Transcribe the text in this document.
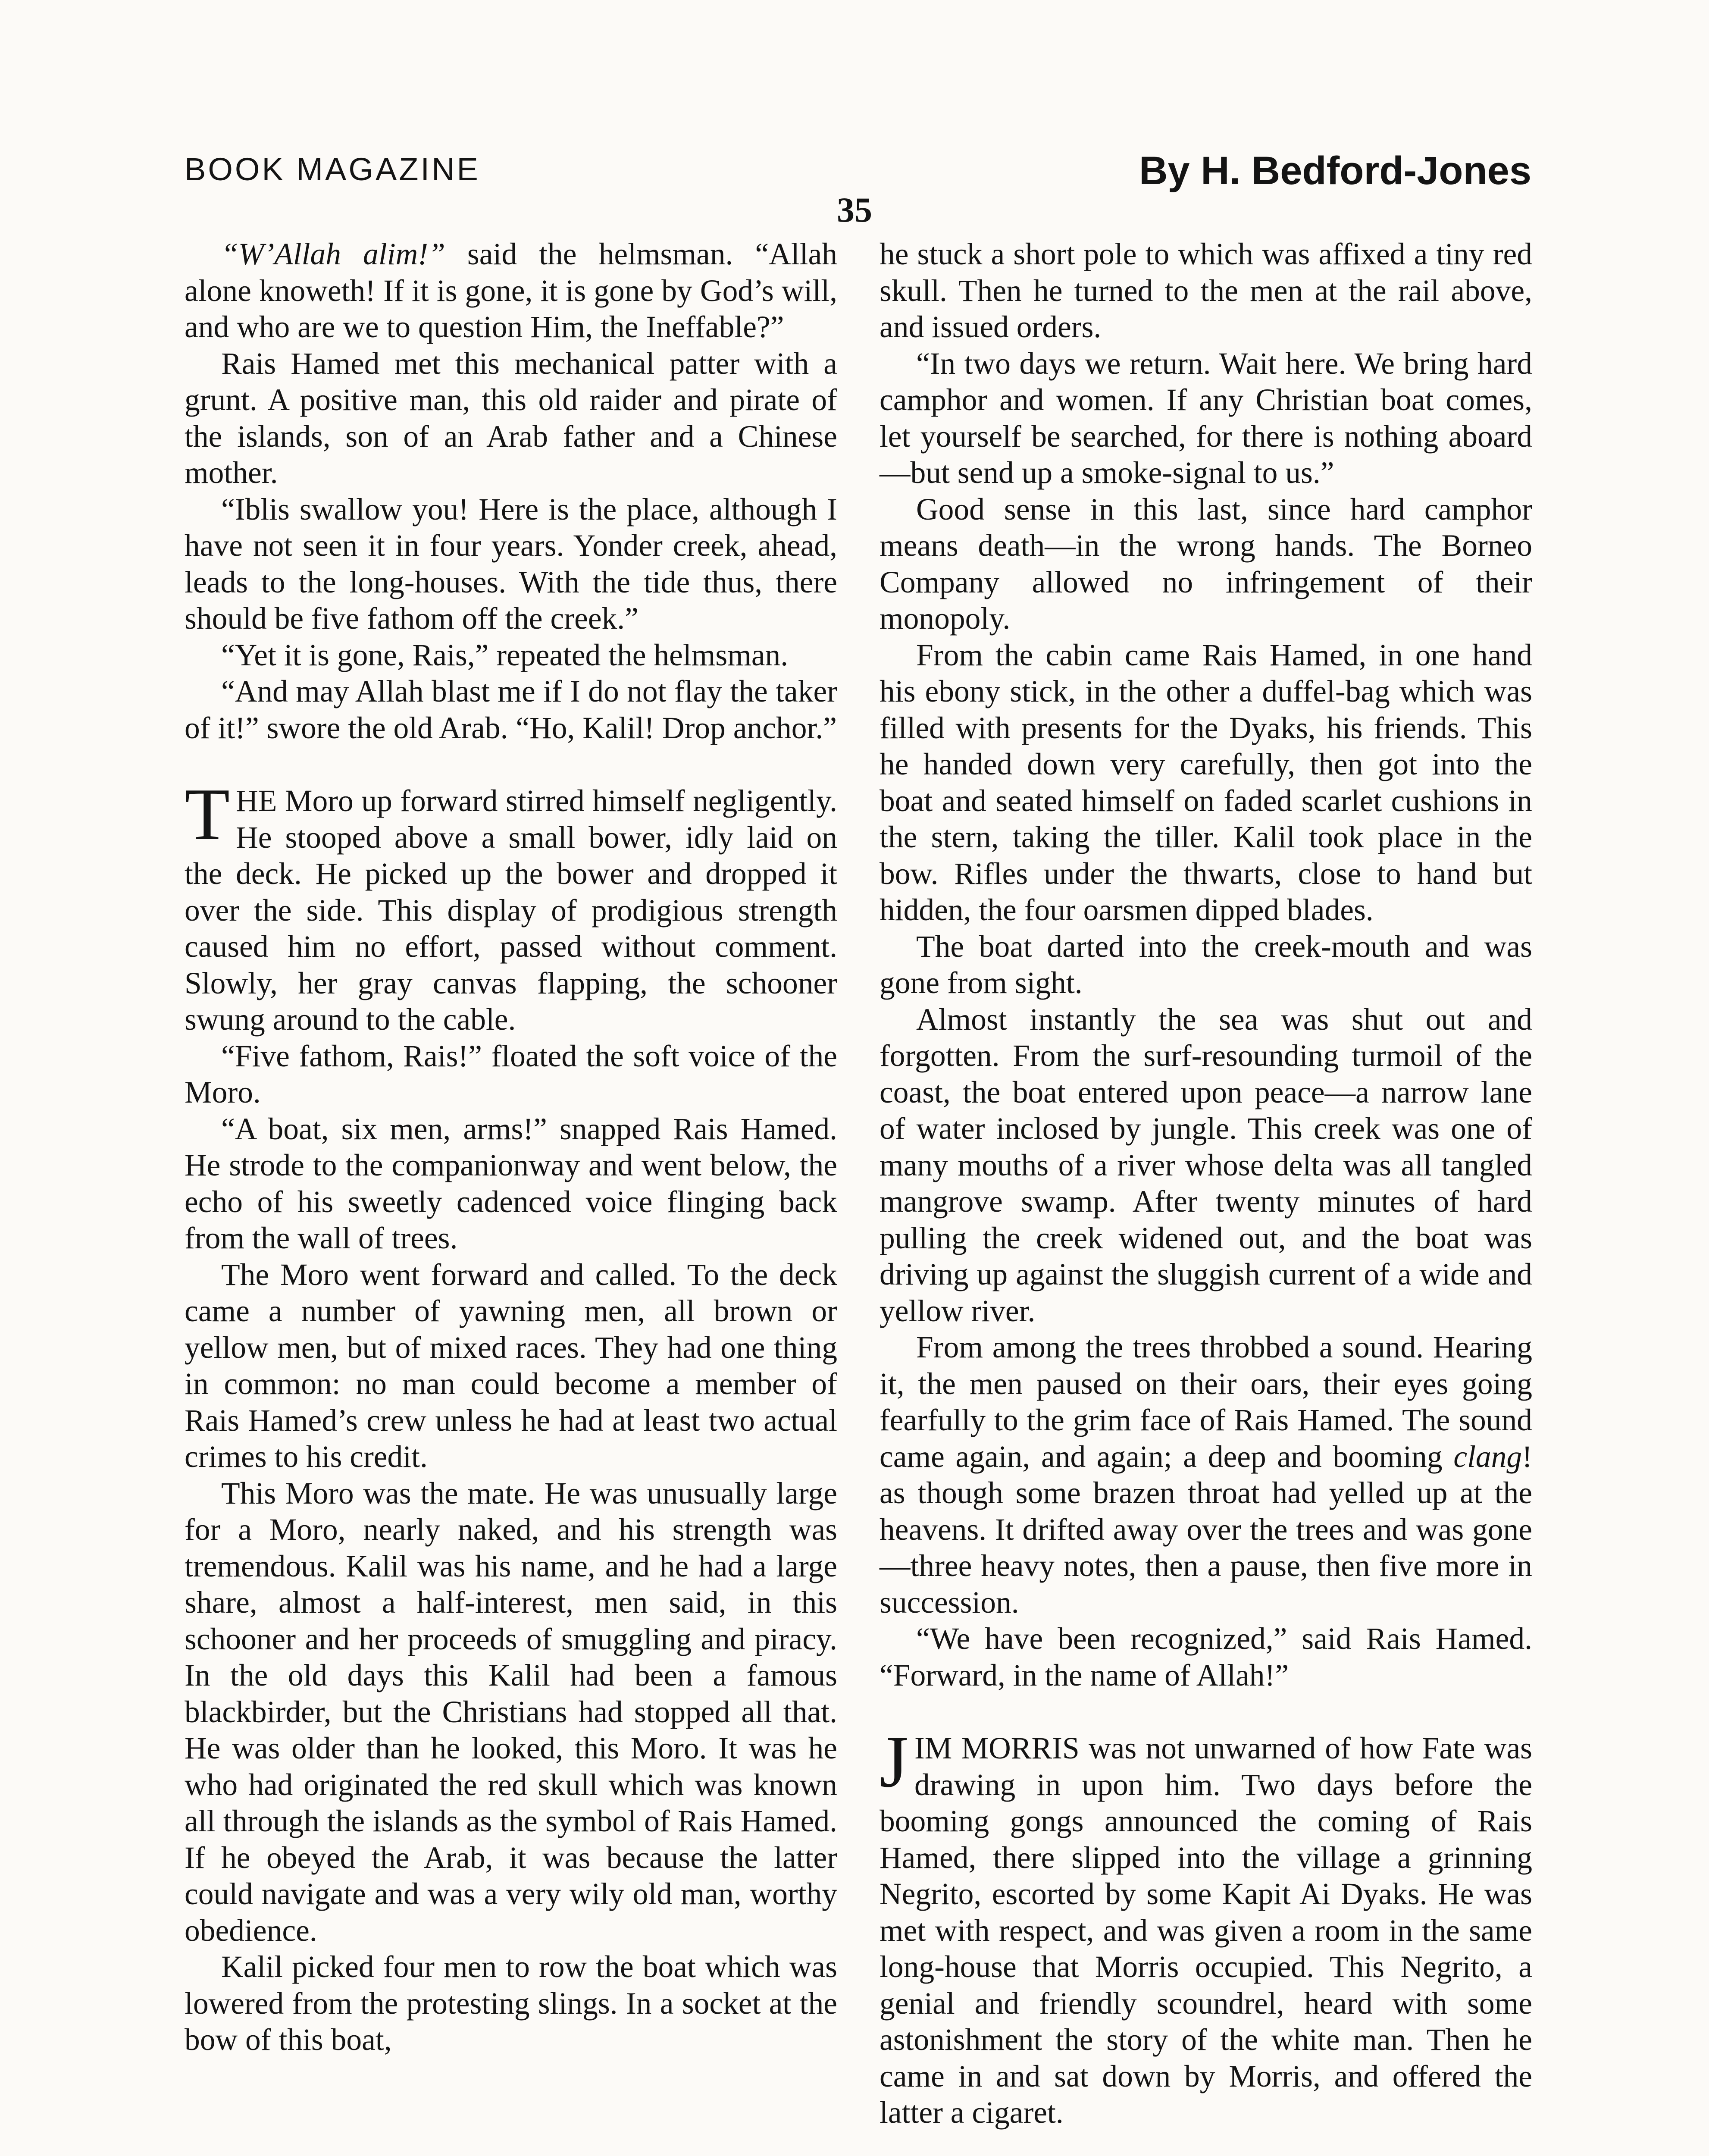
BOOK MAGAZINE	By H. Bedford-Jones
35

“W’Allah alim!” said the helmsman. “Allah alone knoweth! If it is gone, it is gone by God’s will, and who are we to question Him, the Ineffable?”

Rais Hamed met this mechanical patter with a grunt. A positive man, this old raider and pirate of the islands, son of an Arab father and a Chinese mother.

“Iblis swallow you! Here is the place, although I have not seen it in four years. Yonder creek, ahead, leads to the long-houses. With the tide thus, there should be five fathom off the creek.”

“Yet it is gone, Rais,” repeated the helmsman.

“And may Allah blast me if I do not flay the taker of it!” swore the old Arab. “Ho, Kalil! Drop anchor.”

THE Moro up forward stirred himself negligently. He stooped above a small bower, idly laid on the deck. He picked up the bower and dropped it over the side. This display of prodigious strength caused him no effort, passed without comment. Slowly, her gray canvas flapping, the schooner swung around to the cable.

“Five fathom, Rais!” floated the soft voice of the Moro.

“A boat, six men, arms!” snapped Rais Hamed. He strode to the companionway and went below, the echo of his sweetly cadenced voice flinging back from the wall of trees.

The Moro went forward and called. To the deck came a number of yawning men, all brown or yellow men, but of mixed races. They had one thing in common: no man could become a member of Rais Hamed’s crew unless he had at least two actual crimes to his credit.

This Moro was the mate. He was unusually large for a Moro, nearly naked, and his strength was tremendous. Kalil was his name, and he had a large share, almost a half-interest, men said, in this schooner and her proceeds of smuggling and piracy. In the old days this Kalil had been a famous blackbirder, but the Christians had stopped all that. He was older than he looked, this Moro. It was he who had originated the red skull which was known all through the islands as the symbol of Rais Hamed. If he obeyed the Arab, it was because the latter could navigate and was a very wily old man, worthy obedience.

Kalil picked four men to row the boat which was lowered from the protesting slings. In a socket at the bow of this boat,

he stuck a short pole to which was affixed a tiny red skull. Then he turned to the men at the rail above, and issued orders.

“In two days we return. Wait here. We bring hard camphor and women. If any Christian boat comes, let yourself be searched, for there is nothing aboard—but send up a smoke-signal to us.”

Good sense in this last, since hard camphor means death—in the wrong hands. The Borneo Company allowed no infringement of their monopoly.

From the cabin came Rais Hamed, in one hand his ebony stick, in the other a duffel-bag which was filled with presents for the Dyaks, his friends. This he handed down very carefully, then got into the boat and seated himself on faded scarlet cushions in the stern, taking the tiller. Kalil took place in the bow. Rifles under the thwarts, close to hand but hidden, the four oarsmen dipped blades.

The boat darted into the creek-mouth and was gone from sight.

Almost instantly the sea was shut out and forgotten. From the surf-resounding turmoil of the coast, the boat entered upon peace—a narrow lane of water inclosed by jungle. This creek was one of many mouths of a river whose delta was all tangled mangrove swamp. After twenty minutes of hard pulling the creek widened out, and the boat was driving up against the sluggish current of a wide and yellow river.

From among the trees throbbed a sound. Hearing it, the men paused on their oars, their eyes going fearfully to the grim face of Rais Hamed. The sound came again, and again; a deep and booming clang! as though some brazen throat had yelled up at the heavens. It drifted away over the trees and was gone—three heavy notes, then a pause, then five more in succession.

“We have been recognized,” said Rais Hamed. “Forward, in the name of Allah!”

JIM MORRIS was not unwarned of how Fate was drawing in upon him. Two days before the booming gongs announced the coming of Rais Hamed, there slipped into the village a grinning Negrito, escorted by some Kapit Ai Dyaks. He was met with respect, and was given a room in the same long-house that Morris occupied. This Negrito, a genial and friendly scoundrel, heard with some astonishment the story of the white man. Then he came in and sat down by Morris, and offered the latter a cigaret.
